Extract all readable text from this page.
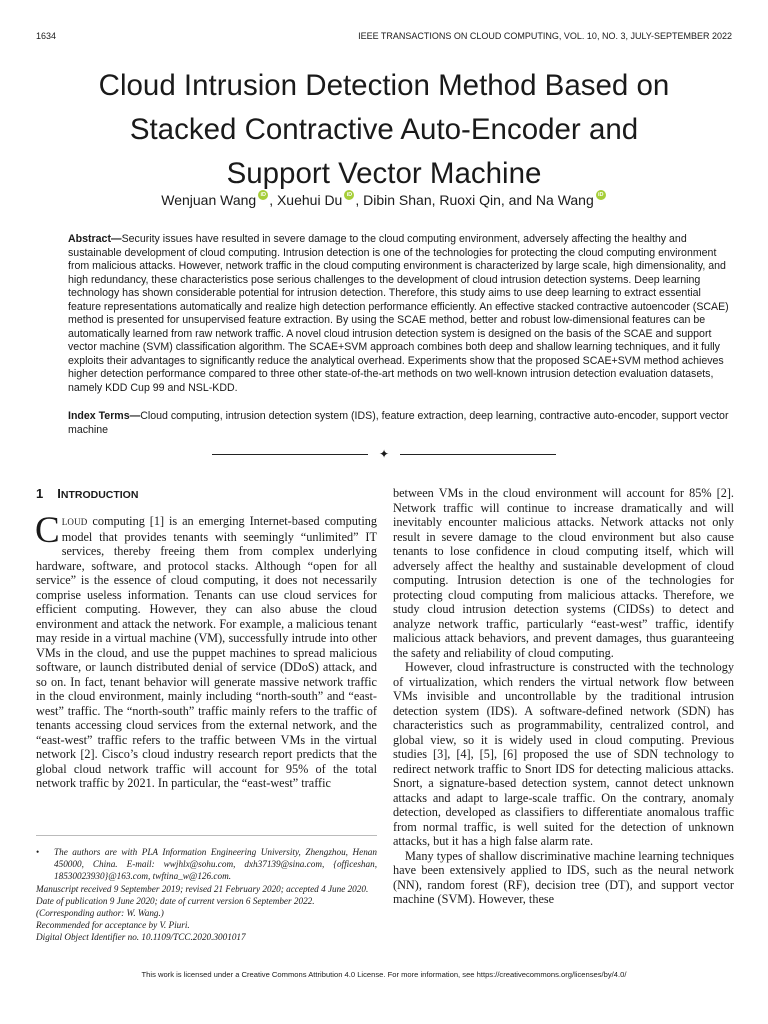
1634	IEEE TRANSACTIONS ON CLOUD COMPUTING, VOL. 10, NO. 3, JULY-SEPTEMBER 2022
Cloud Intrusion Detection Method Based on
Stacked Contractive Auto-Encoder and
Support Vector Machine
Wenjuan Wang iD , Xuehui Du iD , Dibin Shan, Ruoxi Qin, and Na WangiD

Abstract—Security issues have resulted in severe damage to the cloud computing environment, adversely affecting the healthy and sustainable development of cloud computing. Intrusion detection is one of the technologies for protecting the cloud computing environment from malicious attacks. However, network traffic in the cloud computing environment is characterized by large scale, high dimensionality, and high redundancy, these characteristics pose serious challenges to the development of cloud intrusion detection systems. Deep learning technology has shown considerable potential for intrusion detection. Therefore, this study aims to use deep learning to extract essential feature representations automatically and realize high detection performance efficiently. An effective stacked contractive autoencoder (SCAE) method is presented for unsupervised feature extraction. By using the SCAE method, better and robust low-dimensional features can be automatically learned from raw network traffic. A novel cloud intrusion detection system is designed on the basis of the SCAE and support vector machine (SVM) classification algorithm. The SCAE+SVM approach combines both deep and shallow learning techniques, and it fully exploits their advantages to significantly reduce the analytical overhead. Experiments show that the proposed SCAE+SVM method achieves higher detection performance compared to three other state-of-the-art methods on two well-known intrusion detection evaluation datasets, namely KDD Cup 99 and NSL-KDD.

Index Terms—Cloud computing, intrusion detection system (IDS), feature extraction, deep learning, contractive auto-encoder, support vector machine

✦
1 INTRODUCTION

CLOUD computing [1] is an emerging Internet-based computing model that provides tenants with seemingly “unlimited” IT services, thereby freeing them from complex underlying hardware, software, and protocol stacks. Although “open for all service” is the essence of cloud computing, it does not necessarily comprise useless information. Tenants can use cloud services for efficient computing. However, they can also abuse the cloud environment and attack the network. For example, a malicious tenant may reside in a virtual machine (VM), successfully intrude into other VMs in the cloud, and use the puppet machines to spread malicious software, or launch distributed denial of service (DDoS) attack, and so on. In fact, tenant behavior will generate massive network traffic in the cloud environment, mainly including “north-south” and “east-west” traffic. The “north-south” traffic mainly refers to the traffic of tenants accessing cloud services from the external network, and the “east-west” traffic refers to the traffic between VMs in the virtual network [2]. Cisco’s cloud industry research report predicts that the global cloud network traffic will account for 95% of the total network traffic by 2021. In particular, the “east-west” traffic

• The authors are with PLA Information Engineering University, Zhengzhou, Henan 450000, China. E-mail: wwjhlx@sohu.com, dxh37139@sina.com, {officeshan, 18530023930}@163.com, twftina_w@126.com.

Manuscript received 9 September 2019; revised 21 February 2020; accepted 4 June 2020. Date of publication 9 June 2020; date of current version 6 September 2022.
(Corresponding author: W. Wang.)
Recommended for acceptance by V. Piuri.
Digital Object Identifier no. 10.1109/TCC.2020.3001017

between VMs in the cloud environment will account for 85% [2]. Network traffic will continue to increase dramatically and will inevitably encounter malicious attacks. Network attacks not only result in severe damage to the cloud environment but also cause tenants to lose confidence in cloud computing itself, which will adversely affect the healthy and sustainable development of cloud computing. Intrusion detection is one of the technologies for protecting cloud computing from malicious attacks. Therefore, we study cloud intrusion detection systems (CIDSs) to detect and analyze network traffic, particularly “east-west” traffic, identify malicious attack behaviors, and prevent damages, thus guaranteeing the safety and reliability of cloud computing.

However, cloud infrastructure is constructed with the technology of virtualization, which renders the virtual network flow between VMs invisible and uncontrollable by the traditional intrusion detection system (IDS). A software-defined network (SDN) has characteristics such as programmability, centralized control, and global view, so it is widely used in cloud computing. Previous studies [3], [4], [5], [6] proposed the use of SDN technology to redirect network traffic to Snort IDS for detecting malicious attacks. Snort, a signature-based detection system, cannot detect unknown attacks and adapt to large-scale traffic. On the contrary, anomaly detection, developed as classifiers to differentiate anomalous traffic from normal traffic, is well suited for the detection of unknown attacks, but it has a high false alarm rate.

Many types of shallow discriminative machine learning techniques have been extensively applied to IDS, such as the neural network (NN), random forest (RF), decision tree (DT), and support vector machine (SVM). However, these

This work is licensed under a Creative Commons Attribution 4.0 License. For more information, see https://creativecommons.org/licenses/by/4.0/
